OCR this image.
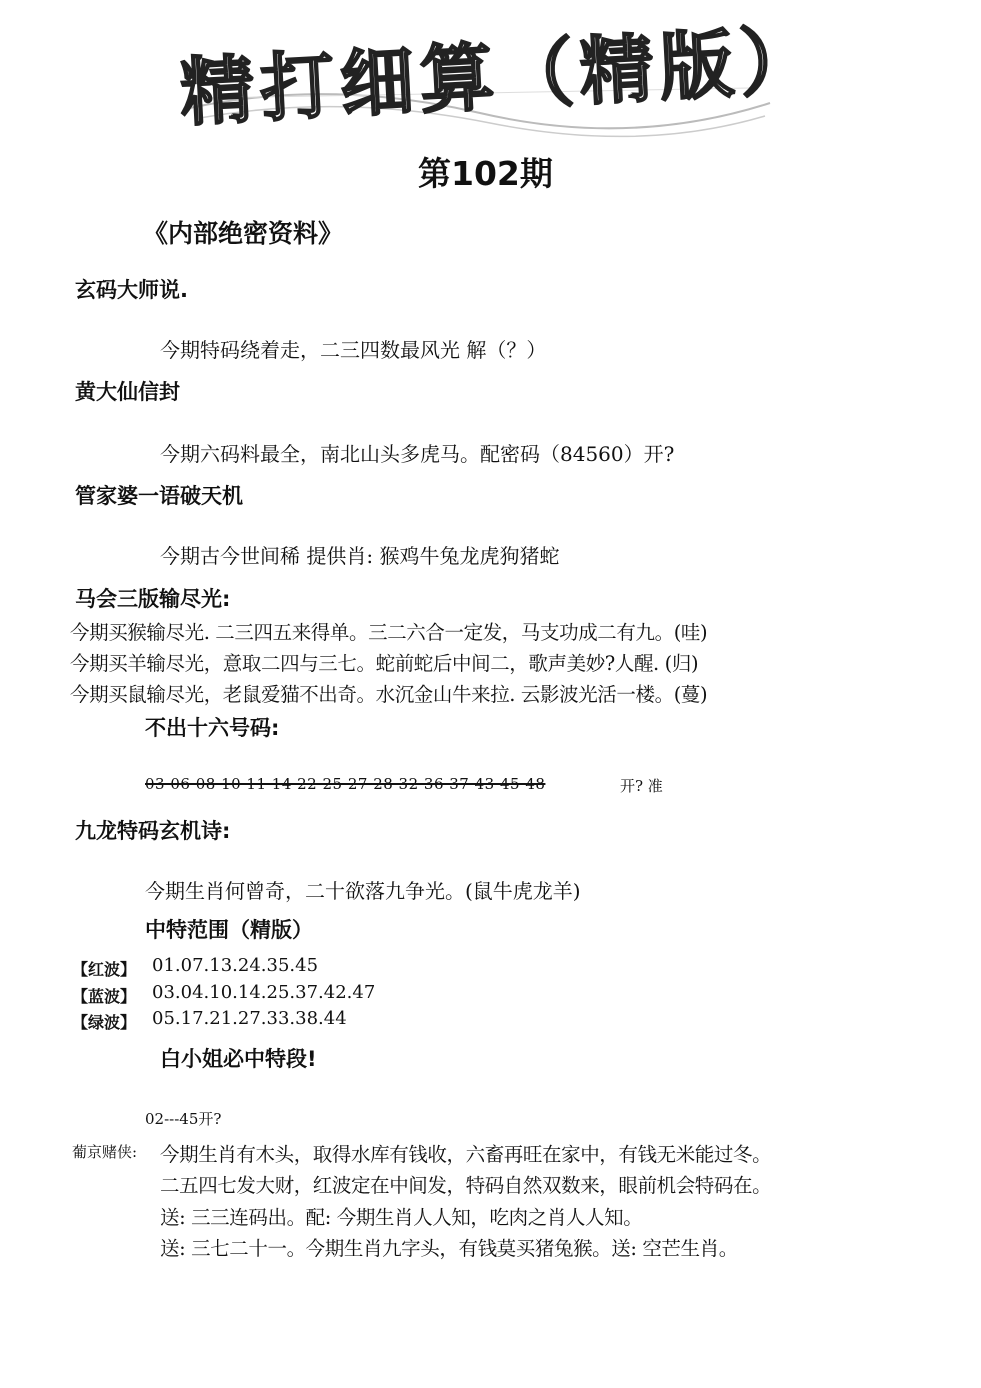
精打细算（精版）
第102期
《内部绝密资料》
玄码大师说.
今期特码绕着走，二三四数最风光 解（？）
黄大仙信封
今期六码料最全，南北山头多虎马。配密码（84560）开?
管家婆一语破天机
今期古今世间稀 提供肖: 猴鸡牛兔龙虎狗猪蛇
马会三版输尽光:
今期买猴输尽光. 二三四五来得单。三二六合一定发，马支功成二有九。(哇)
今期买羊输尽光，意取二四与三七。蛇前蛇后中间二，歌声美妙?人醒. (归)
今期买鼠输尽光，老鼠爱猫不出奇。水沉金山牛来拉. 云影波光活一楼。(蔓)
不出十六号码:
03 06 08 10 11 14 22 25 27 28 32 36 37 43 45 48	开? 准
九龙特码玄机诗:
今期生肖何曾奇，二十欲落九争光。(鼠牛虎龙羊)
中特范围（精版）
【红波】 01.07.13.24.35.45
【蓝波】 03.04.10.14.25.37.42.47
【绿波】 05.17.21.27.33.38.44
白小姐必中特段!
02---45开?
葡京赌侠: 今期生肖有木头，取得水库有钱收，六畜再旺在家中，有钱无米能过冬。
二五四七发大财，红波定在中间发，特码自然双数来，眼前机会特码在。
送: 三三连码出。配: 今期生肖人人知，吃肉之肖人人知。
送: 三七二十一。今期生肖九字头，有钱莫买猪兔猴。送: 空芒生肖。
